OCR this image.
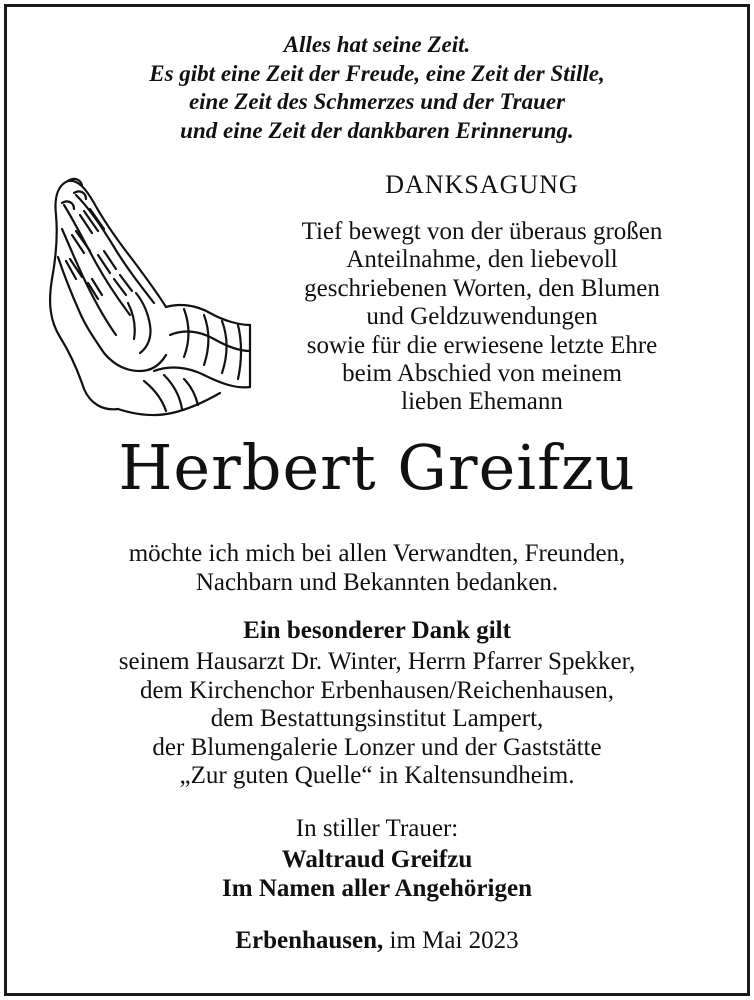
Alles hat seine Zeit.
Es gibt eine Zeit der Freude, eine Zeit der Stille,
eine Zeit des Schmerzes und der Trauer
und eine Zeit der dankbaren Erinnerung.
DANKSAGUNG
Tief bewegt von der überaus großen
Anteilnahme, den liebevoll
geschriebenen Worten, den Blumen
und Geldzuwendungen
sowie für die erwiesene letzte Ehre
beim Abschied von meinem
lieben Ehemann
Herbert Greifzu
möchte ich mich bei allen Verwandten, Freunden,
Nachbarn und Bekannten bedanken.
Ein besonderer Dank gilt
seinem Hausarzt Dr. Winter, Herrn Pfarrer Spekker,
dem Kirchenchor Erbenhausen/Reichenhausen,
dem Bestattungsinstitut Lampert,
der Blumengalerie Lonzer und der Gaststätte
„Zur guten Quelle“ in Kaltensundheim.
In stiller Trauer:
Waltraud Greifzu
Im Namen aller Angehörigen
Erbenhausen, im Mai 2023
